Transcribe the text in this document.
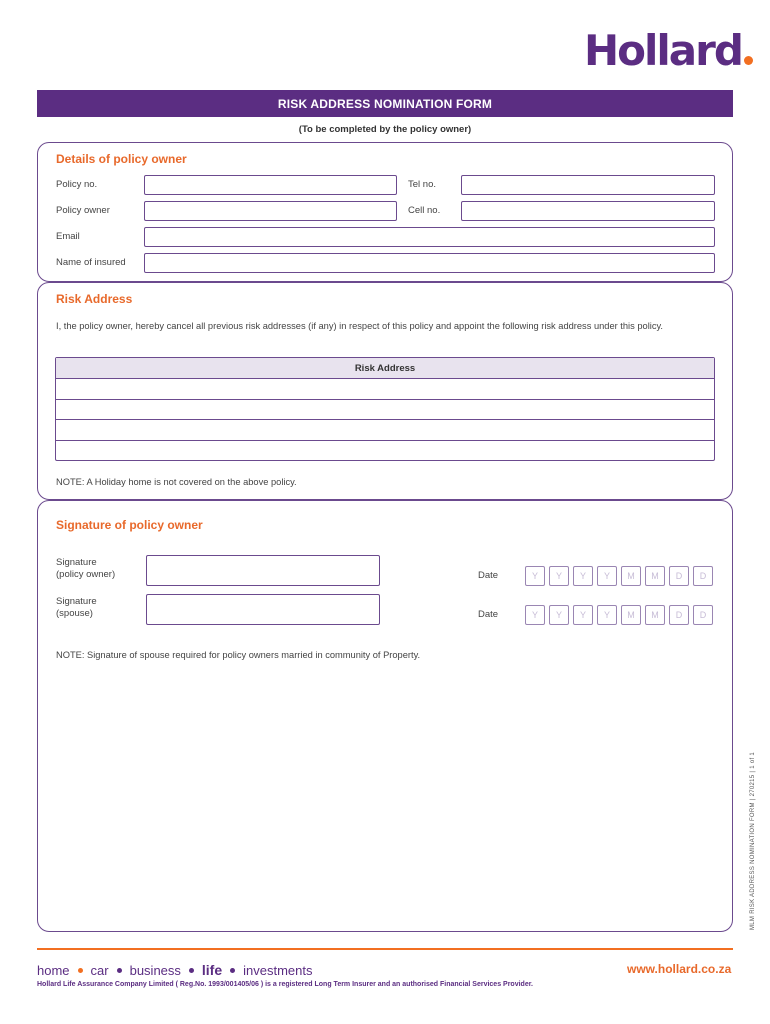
Hollard
RISK ADDRESS NOMINATION FORM
(To be completed by the policy owner)
Details of policy owner
Policy no.	Tel no.
Policy owner	Cell no.
Email
Name of insured
Risk Address
I, the policy owner, hereby cancel all previous risk addresses (if any) in respect of this policy and appoint the following risk address under this policy.
Risk Address
NOTE: A Holiday home is not covered on the above policy.
Signature of policy owner
Signature
(policy owner)	Date	Y	Y	Y	Y	M	M	D	D
Signature
(spouse)	Date	Y	Y	Y	Y	M	M	D	D
NOTE: Signature of spouse required for policy owners married in community of Property.
MLM RISK ADDRESS NOMINATION FORM | 270215 | 1 of 1
home car business life investments	www.hollard.co.za
Hollard Life Assurance Company Limited ( Reg.No. 1993/001405/06 ) is a registered Long Term Insurer and an authorised Financial Services Provider.
